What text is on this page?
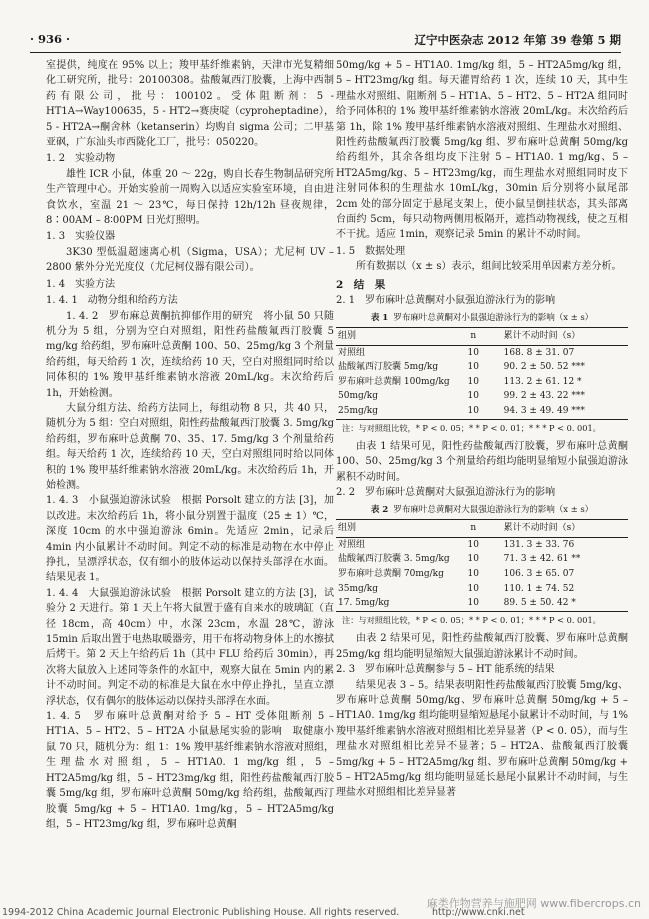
· 936 ·	辽宁中医杂志 2012 年第 39 卷第 5 期

室提供，纯度在 95% 以上；羧甲基纤维素钠，天津市光复精细化工研究所，批号：20100308。盐酸氟西汀胶囊，上海中西制药有限公司，批号：100102。受体阻断剂：5 - HT1A→Way100635，5 - HT2→赛庚啶（cyproheptadine），5 - HT2A→酮舍林（ketanserin）均购自 sigma 公司；二甲基亚砜，广东汕头市西陇化工厂，批号：050220。

1. 2　实验动物

雄性 ICR 小鼠，体重 20 ～ 22g，购自长春生物制品研究所生产管理中心。开始实验前一周购入以适应实验室环境，自由进食饮水，室温 21 ～ 23℃，每日保持 12h/12h 昼夜规律，8∶00AM – 8∶00PM 日光灯照明。

1. 3　实验仪器

3K30 型低温超速离心机（Sigma，USA）；尤尼柯 UV – 2800 紫外分光光度仪（尤尼柯仪器有限公司）。

1. 4　实验方法

1. 4. 1　动物分组和给药方法

1. 4. 2　罗布麻总黄酮抗抑郁作用的研究　将小鼠 50 只随机分为 5 组，分别为空白对照组，阳性药盐酸氟西汀胶囊 5 mg/kg 给药组，罗布麻叶总黄酮 100、50、25mg/kg 3 个剂量给药组，每天给药 1 次，连续给药 10 天，空白对照组同时给以同体积的 1% 羧甲基纤维素钠水溶液 20mL/kg。末次给药后 1h，开始检测。

大鼠分组方法、给药方法同上，每组动物 8 只，共 40 只，随机分为 5 组：空白对照组，阳性药盐酸氟西汀胶囊 3. 5mg/kg 给药组，罗布麻叶总黄酮 70、35、17. 5mg/kg 3 个剂量给药组。每天给药 1 次，连续给药 10 天，空白对照组同时给以同体积的 1% 羧甲基纤维素钠水溶液 20mL/kg。末次给药后 1h，开始检测。

1. 4. 3　小鼠强迫游泳试验　根据 Porsolt 建立的方法 [3]，加以改进。末次给药后 1h，将小鼠分别置于温度（25 ± 1）℃，深度 10cm 的水中强迫游泳 6min。先适应 2min，记录后 4min 内小鼠累计不动时间。判定不动的标准是动物在水中停止挣扎，呈漂浮状态，仅有细小的肢体运动以保持头部浮在水面。结果见表 1。

1. 4. 4　大鼠强迫游泳试验　根据 Porsolt 建立的方法 [3]，试验分 2 天进行。第 1 天上午将大鼠置于盛有自来水的玻璃缸（直径 18cm，高 40cm）中，水深 23cm，水温 28℃，游泳 15min 后取出置于电热取暖器旁，用干布将动物身体上的水擦拭后烤干。第 2 天上午给药后 1h（其中 FLU 给药后 30min），再次将大鼠放入上述同等条件的水缸中，观察大鼠在 5min 内的累计不动时间。判定不动的标准是大鼠在水中停止挣扎，呈直立漂浮状态，仅有偶尔的肢体运动以保持头部浮在水面。

1. 4. 5　罗布麻叶总黄酮对给予 5 – HT 受体阻断剂 5 – HT1A、5 – HT2、5 – HT2A 小鼠悬尾实验的影响　取健康小鼠 70 只，随机分为：组 1：1% 羧甲基纤维素钠水溶液对照组，生理盐水对照组，5 – HT1A0. 1 mg/kg 组，5 – HT2A5mg/kg 组，5 – HT23mg/kg 组，阳性药盐酸氟西汀胶囊 5mg/kg 组，罗布麻叶总黄酮 50mg/kg 给药组，盐酸氟西汀胶囊 5mg/kg + 5 – HT1A0. 1mg/kg，5 – HT2A5mg/kg 组，5 – HT23mg/kg 组，罗布麻叶总黄酮

50mg/kg + 5 – HT1A0. 1mg/kg 组，5 – HT2A5mg/kg 组，5 – HT23mg/kg 组。每天灌胃给药 1 次，连续 10 天，其中生理盐水对照组、阻断剂 5 – HT1A、5 – HT2、5 – HT2A 组同时给予同体积的 1% 羧甲基纤维素钠水溶液 20mL/kg。末次给药后第 1h，除 1% 羧甲基纤维素钠水溶液对照组、生理盐水对照组、阳性药盐酸氟西汀胶囊 5mg/kg 组、罗布麻叶总黄酮 50mg/kg 给药组外，其余各组均皮下注射 5 – HT1A0. 1 mg/kg、5 – HT2A5mg/kg、5 – HT23mg/kg，而生理盐水对照组同时皮下注射同体积的生理盐水 10mL/kg，30min 后分别将小鼠尾部 2cm 处的部分固定于悬尾支架上，使小鼠呈倒挂状态，其头部离台面约 5cm，每只动物两侧用板隔开，遮挡动物视线，使之互相不干扰。适应 1min，观察记录 5min 的累计不动时间。

1. 5　数据处理

所有数据以（x ± s）表示，组间比较采用单因素方差分析。

2　结　果

2. 1　罗布麻叶总黄酮对小鼠强迫游泳行为的影响

表 1 罗布麻叶总黄酮对小鼠强迫游泳行为的影响（x ± s）
组别	n	累计不动时间（s）
对照组	10	168. 8 ± 31. 07
盐酸氟西汀胶囊 5mg/kg	10	90. 2 ± 50. 52 ***
罗布麻叶总黄酮 100mg/kg	10	113. 2 ± 61. 12 *
50mg/kg	10	99. 2 ± 43. 22 ***
25mg/kg	10	94. 3 ± 49. 49 ***
注：与对照组比较，* P < 0. 05；* * P < 0. 01；* * * P < 0. 001。

由表 1 结果可见，阳性药盐酸氟西汀胶囊，罗布麻叶总黄酮 100、50、25mg/kg 3 个剂量给药组均能明显缩短小鼠强迫游泳累积不动时间。

2. 2　罗布麻叶总黄酮对大鼠强迫游泳行为的影响

表 2 罗布麻叶总黄酮对大鼠强迫游泳行为的影响（x ± s）
组别	n	累计不动时间（s）
对照组	10	131. 3 ± 33. 76
盐酸氟西汀胶囊 3. 5mg/kg	10	71. 3 ± 42. 61 **
罗布麻叶总黄酮 70mg/kg	10	106. 3 ± 65. 07
35mg/kg	10	110. 1 ± 74. 52
17. 5mg/kg	10	89. 5 ± 50. 42 *
注：与对照组比较，* P < 0. 05；* * P < 0. 01；* * * P < 0. 001。

由表 2 结果可见，阳性药盐酸氟西汀胶囊、罗布麻叶总黄酮 25mg/kg 组均能明显缩短大鼠强迫游泳累计不动时间。

2. 3　罗布麻叶总黄酮参与 5 – HT 能系统的结果

结果见表 3 – 5。结果表明阳性药盐酸氟西汀胶囊 5mg/kg、罗布麻叶总黄酮 50mg/kg、罗布麻叶总黄酮 50mg/kg + 5 – HT1A0. 1mg/kg 组均能明显缩短悬尾小鼠累计不动时间，与 1% 羧甲基纤维素钠水溶液对照组相比差异显著（P < 0. 05），而与生理盐水对照组相比差异不显著；5 – HT2A、盐酸氟西汀胶囊 5mg/kg + 5 – HT2A5mg/kg 组、罗布麻叶总黄酮 50mg/kg + 5 – HT2A5mg/kg 组均能明显延长悬尾小鼠累计不动时间，与生理盐水对照组相比差异显著

麻类作物营养与施肥网 www.fibercrops.cn
1994-2012 China Academic Journal Electronic Publishing House. All rights reserved.	http://www.cnki.net
